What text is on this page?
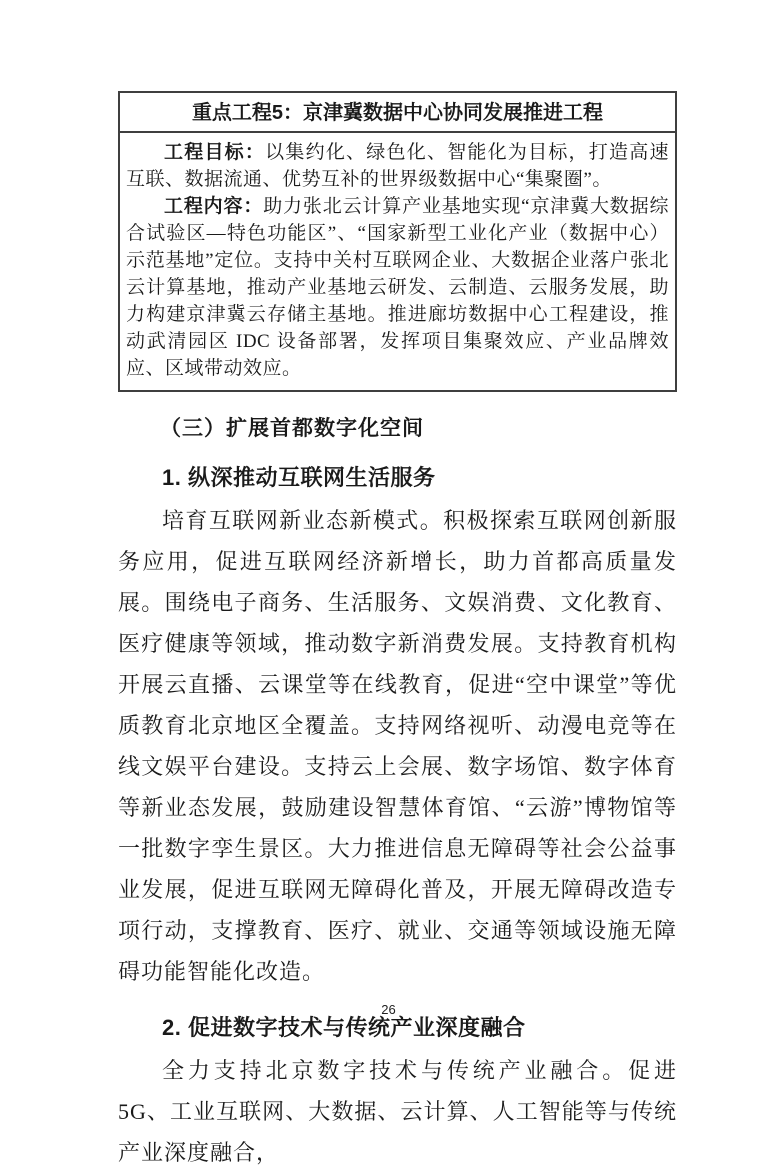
重点工程5：京津冀数据中心协同发展推进工程

工程目标：以集约化、绿色化、智能化为目标，打造高速互联、数据流通、优势互补的世界级数据中心“集聚圈”。

工程内容：助力张北云计算产业基地实现“京津冀大数据综合试验区—特色功能区”、“国家新型工业化产业（数据中心）示范基地”定位。支持中关村互联网企业、大数据企业落户张北云计算基地，推动产业基地云研发、云制造、云服务发展，助力构建京津冀云存储主基地。推进廊坊数据中心工程建设，推动武清园区 IDC 设备部署，发挥项目集聚效应、产业品牌效应、区域带动效应。

（三）扩展首都数字化空间
1. 纵深推动互联网生活服务

培育互联网新业态新模式。积极探索互联网创新服务应用，促进互联网经济新增长，助力首都高质量发展。围绕电子商务、生活服务、文娱消费、文化教育、医疗健康等领域，推动数字新消费发展。支持教育机构开展云直播、云课堂等在线教育，促进“空中课堂”等优质教育北京地区全覆盖。支持网络视听、动漫电竞等在线文娱平台建设。支持云上会展、数字场馆、数字体育等新业态发展，鼓励建设智慧体育馆、“云游”博物馆等一批数字孪生景区。大力推进信息无障碍等社会公益事业发展，促进互联网无障碍化普及，开展无障碍改造专项行动，支撑教育、医疗、就业、交通等领域设施无障碍功能智能化改造。

2. 促进数字技术与传统产业深度融合

全力支持北京数字技术与传统产业融合。促进 5G、工业互联网、大数据、云计算、人工智能等与传统产业深度融合，

26
